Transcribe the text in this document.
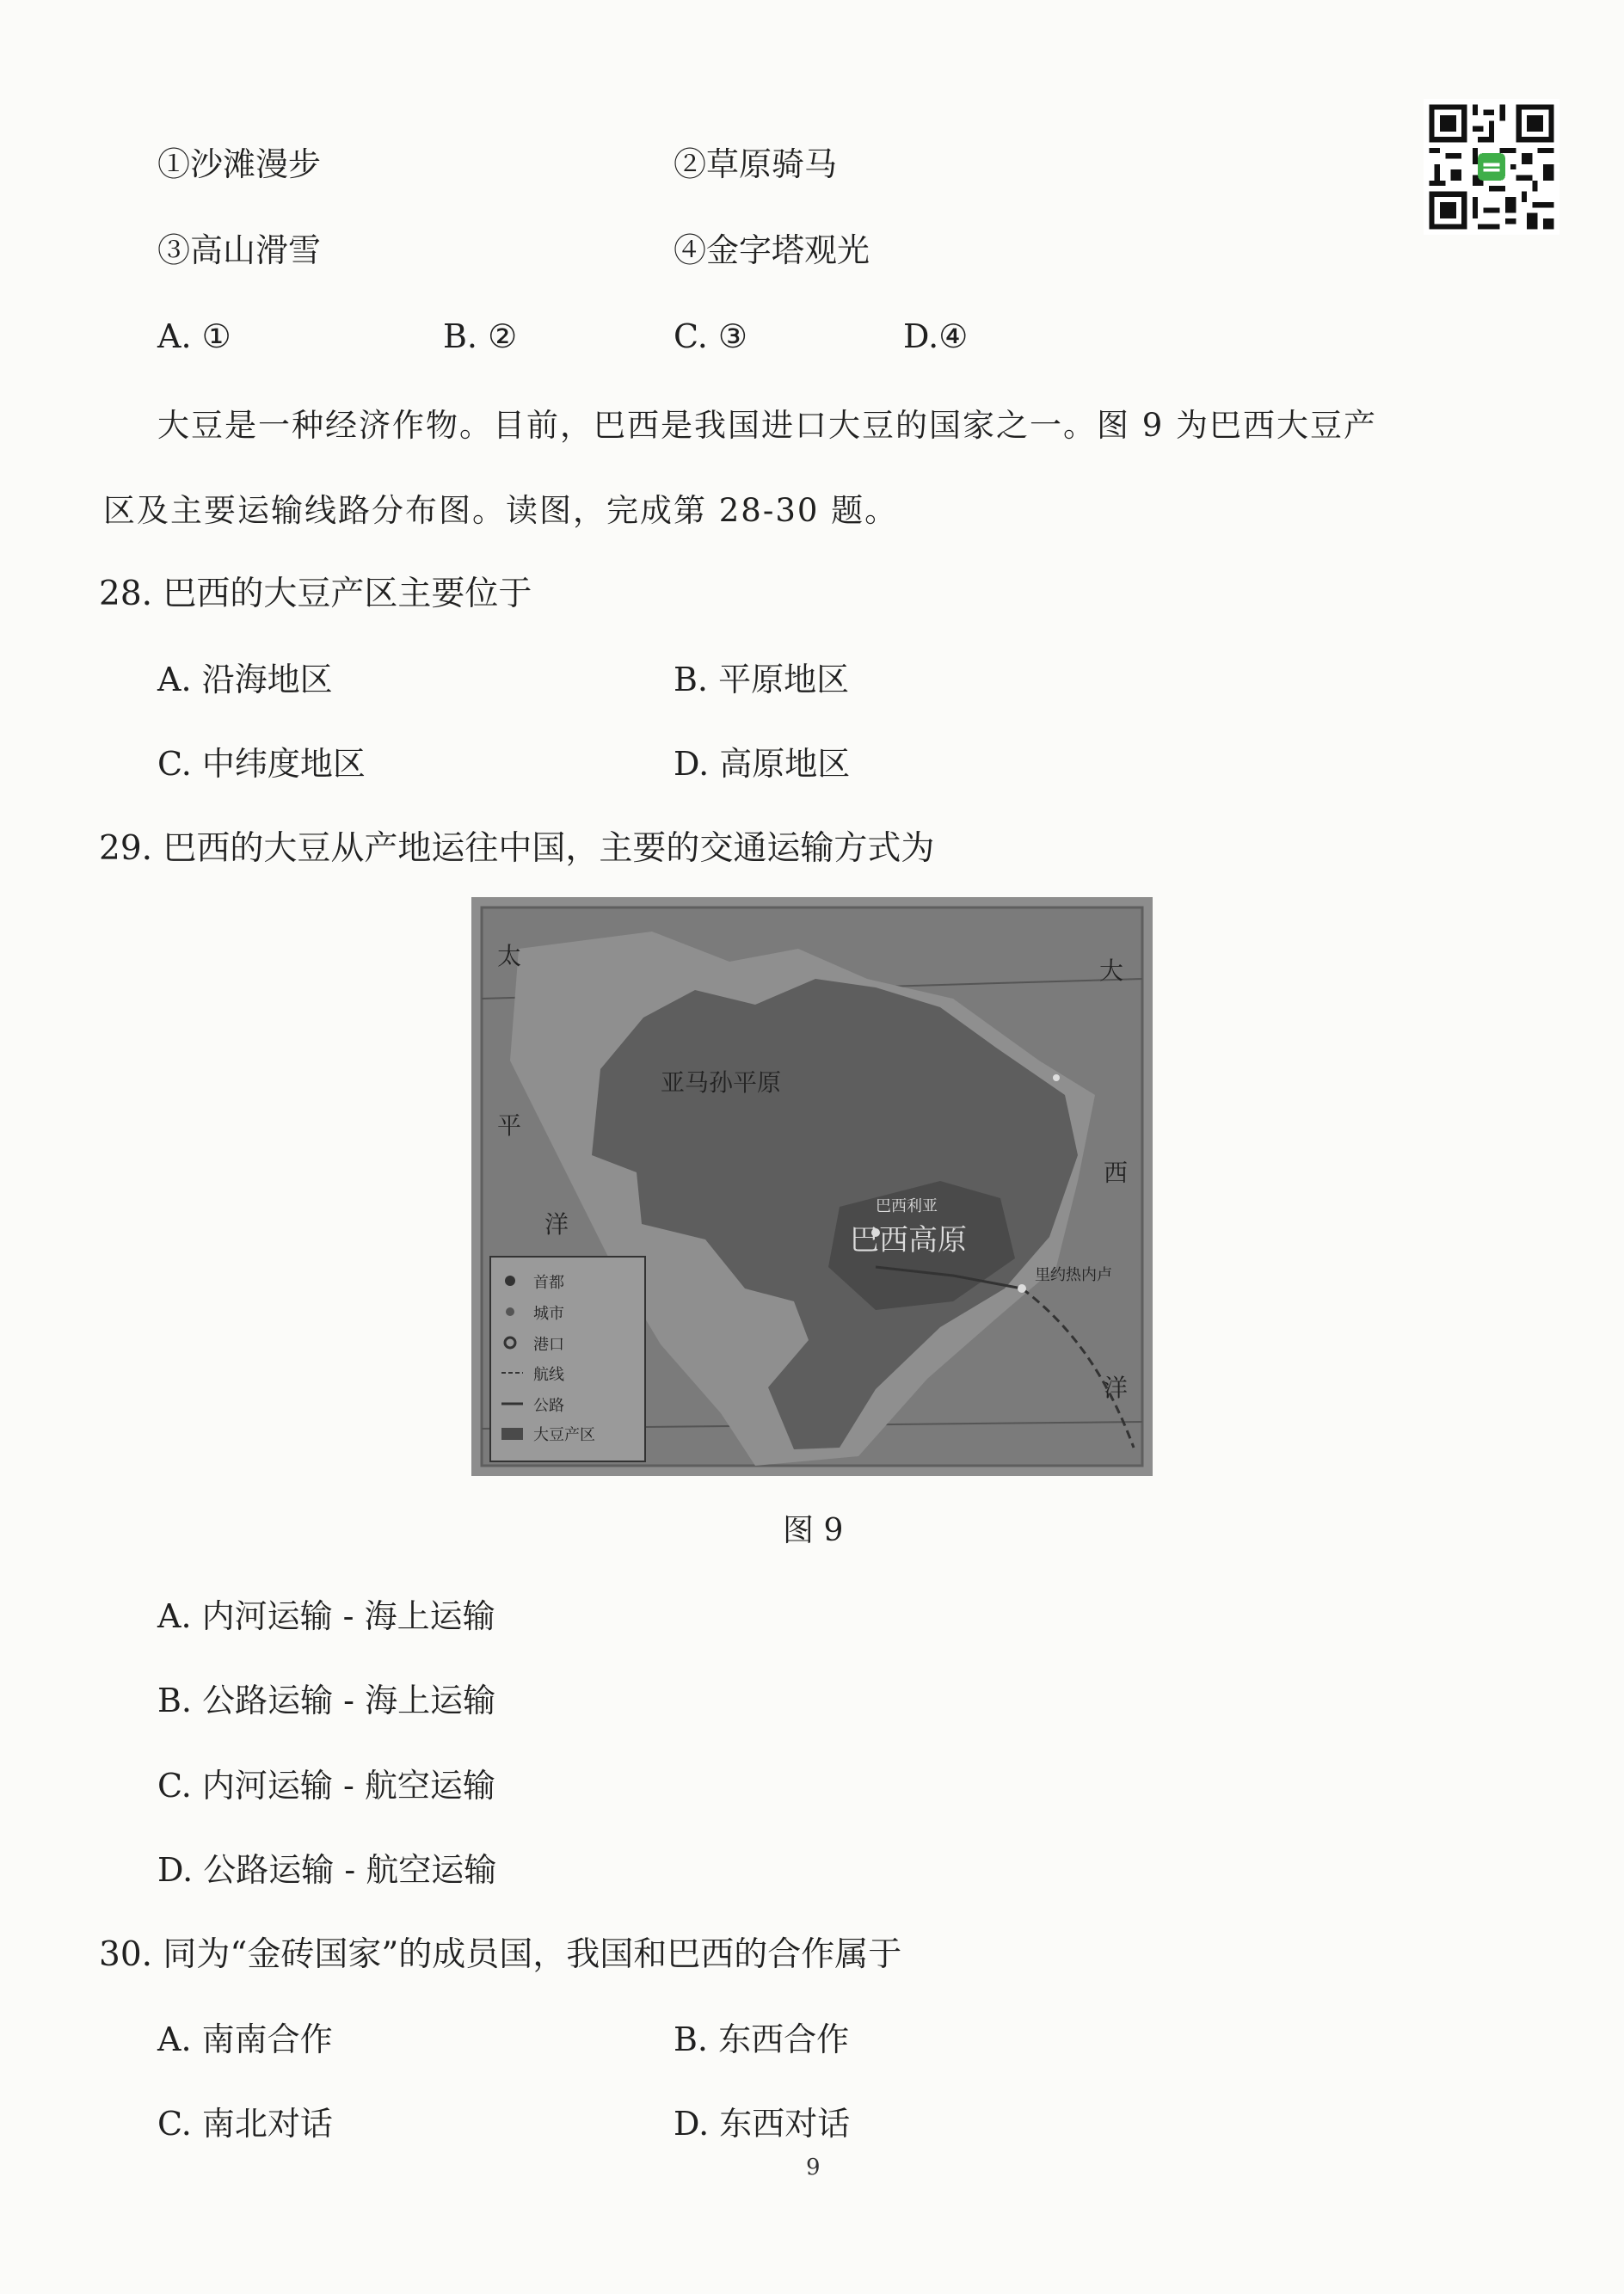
①沙滩漫步	②草原骑马
③高山滑雪	④金字塔观光
A. ①	B. ②	C. ③	D.④
大豆是一种经济作物。目前，巴西是我国进口大豆的国家之一。图 9 为巴西大豆产
区及主要运输线路分布图。读图，完成第 28-30 题。
28. 巴西的大豆产区主要位于
A. 沿海地区	B. 平原地区
C. 中纬度地区	D. 高原地区
29. 巴西的大豆从产地运往中国，主要的交通运输方式为
亚马孙平原
巴西高原
巴西利亚
里约热内卢
太
平
洋
大
西
洋
首都
城市
港口
航线
公路
大豆产区
图 9
A. 内河运输 - 海上运输
B. 公路运输 - 海上运输
C. 内河运输 - 航空运输
D. 公路运输 - 航空运输
30. 同为“金砖国家”的成员国，我国和巴西的合作属于
A. 南南合作	B. 东西合作
C. 南北对话	D. 东西对话
9
